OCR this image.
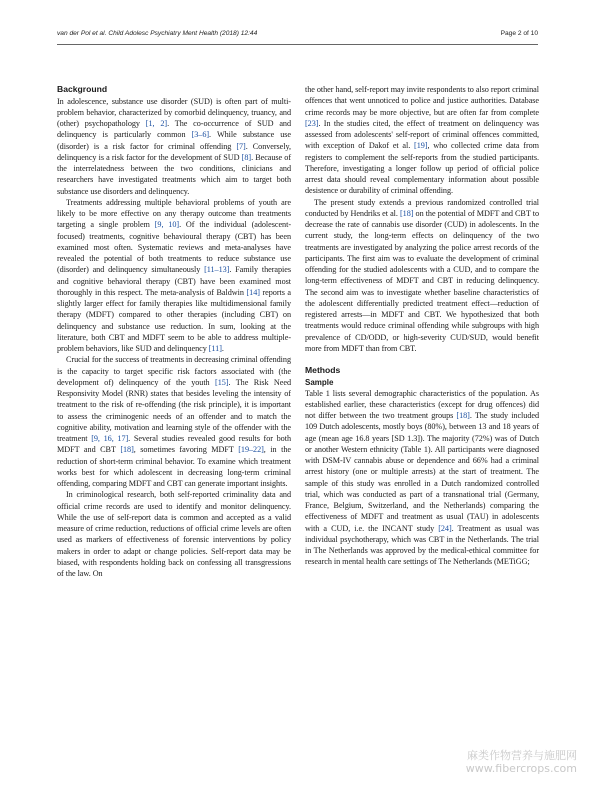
van der Pol et al. Child Adolesc Psychiatry Ment Health (2018) 12:44	Page 2 of 10
Background

In adolescence, substance use disorder (SUD) is often part of multi-problem behavior, characterized by comorbid delinquency, truancy, and (other) psychopathology [1, 2]. The co-occurrence of SUD and delinquency is particularly common [3–6]. While substance use (disorder) is a risk factor for criminal offending [7]. Conversely, delinquency is a risk factor for the development of SUD [8]. Because of the interrelatedness between the two conditions, clinicians and researchers have investigated treatments which aim to target both substance use disorders and delinquency.

Treatments addressing multiple behavioral problems of youth are likely to be more effective on any therapy outcome than treatments targeting a single problem [9, 10]. Of the individual (adolescent-focused) treatments, cognitive behavioural therapy (CBT) has been examined most often. Systematic reviews and meta-analyses have revealed the potential of both treatments to reduce substance use (disorder) and delinquency simultaneously [11–13]. Family therapies and cognitive behavioral therapy (CBT) have been examined most thoroughly in this respect. The meta-analysis of Baldwin [14] reports a slightly larger effect for family therapies like multidimensional family therapy (MDFT) compared to other therapies (including CBT) on delinquency and substance use reduction. In sum, looking at the literature, both CBT and MDFT seem to be able to address multiple-problem behaviors, like SUD and delinquency [11].

Crucial for the success of treatments in decreasing criminal offending is the capacity to target specific risk factors associated with (the development of) delinquency of the youth [15]. The Risk Need Responsivity Model (RNR) states that besides leveling the intensity of treatment to the risk of re-offending (the risk principle), it is important to assess the criminogenic needs of an offender and to match the cognitive ability, motivation and learning style of the offender with the treatment [9, 16, 17]. Several studies revealed good results for both MDFT and CBT [18], sometimes favoring MDFT [19–22], in the reduction of short-term criminal behavior. To examine which treatment works best for which adolescent in decreasing long-term criminal offending, comparing MDFT and CBT can generate important insights.

In criminological research, both self-reported criminality data and official crime records are used to identify and monitor delinquency. While the use of self-report data is common and accepted as a valid measure of crime reduction, reductions of official crime levels are often used as markers of effectiveness of forensic interventions by policy makers in order to adapt or change policies. Self-report data may be biased, with respondents holding back on confessing all transgressions of the law. On

the other hand, self-report may invite respondents to also report criminal offences that went unnoticed to police and justice authorities. Database crime records may be more objective, but are often far from complete [23]. In the studies cited, the effect of treatment on delinquency was assessed from adolescents' self-report of criminal offences committed, with exception of Dakof et al. [19], who collected crime data from registers to complement the self-reports from the studied participants. Therefore, investigating a longer follow up period of official police arrest data should reveal complementary information about possible desistence or durability of criminal offending.

The present study extends a previous randomized controlled trial conducted by Hendriks et al. [18] on the potential of MDFT and CBT to decrease the rate of cannabis use disorder (CUD) in adolescents. In the current study, the long-term effects on delinquency of the two treatments are investigated by analyzing the police arrest records of the participants. The first aim was to evaluate the development of criminal offending for the studied adolescents with a CUD, and to compare the long-term effectiveness of MDFT and CBT in reducing delinquency. The second aim was to investigate whether baseline characteristics of the adolescent differentially predicted treatment effect—reduction of registered arrests—in MDFT and CBT. We hypothesized that both treatments would reduce criminal offending while subgroups with high prevalence of CD/ODD, or high-severity CUD/SUD, would benefit more from MDFT than from CBT.

Methods
Sample

Table 1 lists several demographic characteristics of the population. As established earlier, these characteristics (except for drug offences) did not differ between the two treatment groups [18]. The study included 109 Dutch adolescents, mostly boys (80%), between 13 and 18 years of age (mean age 16.8 years [SD 1.3]). The majority (72%) was of Dutch or another Western ethnicity (Table 1). All participants were diagnosed with DSM-IV cannabis abuse or dependence and 66% had a criminal arrest history (one or multiple arrests) at the start of treatment. The sample of this study was enrolled in a Dutch randomized controlled trial, which was conducted as part of a transnational trial (Germany, France, Belgium, Switzerland, and the Netherlands) comparing the effectiveness of MDFT and treatment as usual (TAU) in adolescents with a CUD, i.e. the INCANT study [24]. Treatment as usual was individual psychotherapy, which was CBT in the Netherlands. The trial in The Netherlands was approved by the medical-ethical committee for research in mental health care settings of The Netherlands (METiGG;

麻类作物营养与施肥网
www.fibercrops.com
